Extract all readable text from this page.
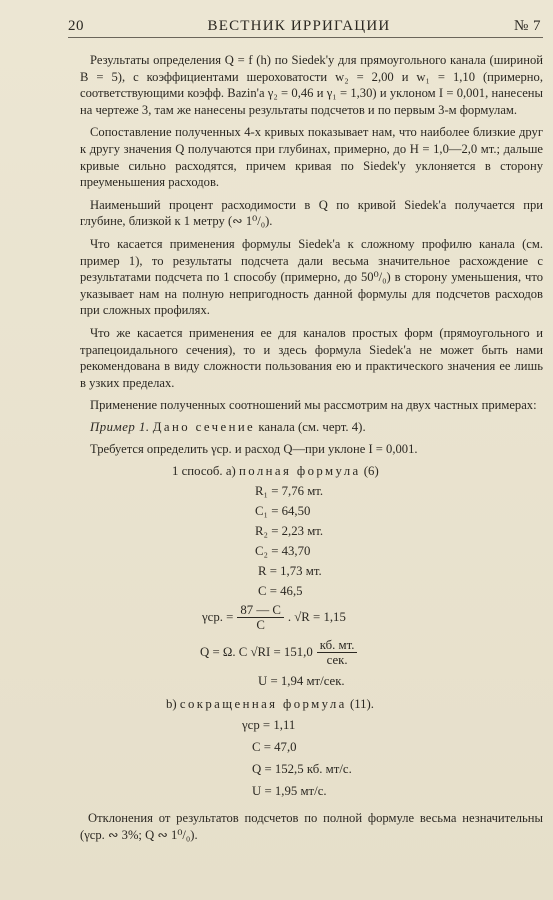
20	ВЕСТНИК ИРРИГАЦИИ	№ 7

Результаты определения Q = f (h) по Siedek'у для прямоугольного канала (шириной В = 5), с коэффициентами шероховатости w₂ = 2,00 и w₁ = 1,10 (примерно, соответствующими коэфф. Bazin'a γ₂ = 0,46 и γ₁ = 1,30) и уклоном I = 0,001, нанесены на чертеже 3, там же нанесены результаты подсчетов и по первым 3-м формулам.

Сопоставление полученных 4-х кривых показывает нам, что наиболее близкие друг к другу значения Q получаются при глубинах, примерно, до H = 1,0—2,0 мт.; дальше кривые сильно расходятся, причем кривая по Siedek'у уклоняется в сторону преуменьшения расходов.

Наименьший процент расходимости в Q по кривой Siedek'a получается при глубине, близкой к 1 метру (∾ 1⁰/₀).

Что касается применения формулы Siedek'a к сложному профилю канала (см. пример 1), то результаты подсчета дали весьма значительное расхождение с результатами подсчета по 1 способу (примерно, до 50⁰/₀) в сторону уменьшения, что указывает нам на полную непригодность данной формулы для подсчетов расходов при сложных профилях.

Что же касается применения ее для каналов простых форм (прямоугольного и трапецоидального сечения), то и здесь формула Siedek'a не может быть нами рекомендована в виду сложности пользования ею и практического значения ее лишь в узких пределах.

Применение полученных соотношений мы рассмотрим на двух частных примерах:

Пример 1. Дано сечение канала (см. черт. 4).

Требуется определить γср. и расход Q—при уклоне I = 0,001.

1 способ. а) полная формула (6)
R₁ = 7,76 мт.
C₁ = 64,50
R₂ = 2,23 мт.
C₂ = 43,70
R = 1,73 мт.
C = 46,5
γср. = $\frac{87 — C}{C}$ . √R = 1,15
Q = Ω. C $√RI = 151,0 \frac{кб. мт.}{\text{сек.}}$
U = 1,94 мт/сек.
b) сокращенная формула (11).
γср = 1,11
C = 47,0
Q = 152,5 кб. мт/с.
U = 1,95 мт/с.

Отклонения от результатов подсчетов по полной формуле весьма незначительны (γср. ∾ 3%; Q ∾ 1⁰/₀).
